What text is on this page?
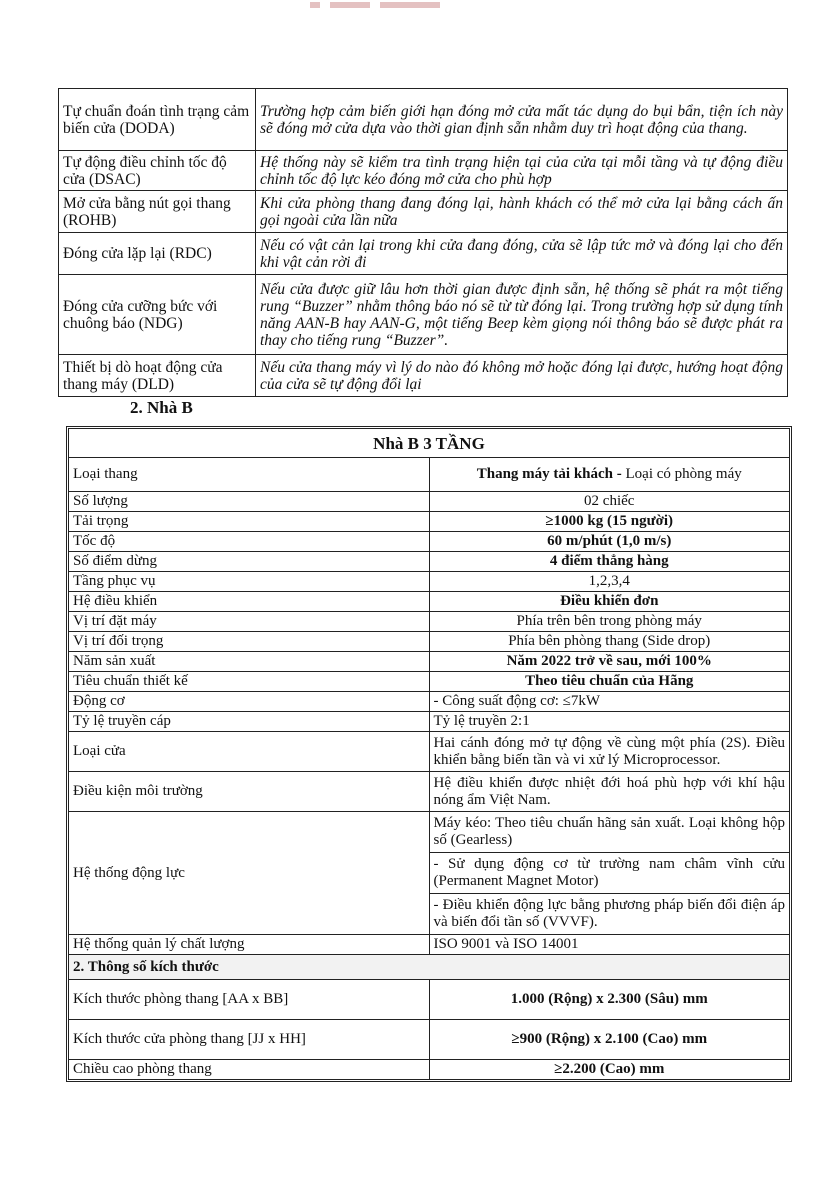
Tự chuẩn đoán tình trạng cảm biến cửa (DODA)	Trường hợp cảm biến giới hạn đóng mở cửa mất tác dụng do bụi bẩn, tiện ích này sẽ đóng mở cửa dựa vào thời gian định sẵn nhằm duy trì hoạt động của thang.
Tự động điều chỉnh tốc độ cửa (DSAC)	Hệ thống này sẽ kiểm tra tình trạng hiện tại của cửa tại mỗi tầng và tự động điều chỉnh tốc độ lực kéo đóng mở cửa cho phù hợp
Mở cửa bằng nút gọi thang (ROHB)	Khi cửa phòng thang đang đóng lại, hành khách có thể mở cửa lại bằng cách ấn gọi ngoài cửa lần nữa
Đóng cửa lặp lại (RDC)	Nếu có vật cản lại trong khi cửa đang đóng, cửa sẽ lập tức mở và đóng lại cho đến khi vật cản rời đi
Đóng cửa cưỡng bức với chuông báo (NDG)	Nếu cửa được giữ lâu hơn thời gian được định sẵn, hệ thống sẽ phát ra một tiếng rung “Buzzer” nhằm thông báo nó sẽ từ từ đóng lại. Trong trường hợp sử dụng tính năng AAN-B hay AAN-G, một tiếng Beep kèm giọng nói thông báo sẽ được phát ra thay cho tiếng rung “Buzzer”.
Thiết bị dò hoạt động cửa thang máy (DLD)	Nếu cửa thang máy vì lý do nào đó không mở hoặc đóng lại được, hướng hoạt động của cửa sẽ tự động đổi lại
2. Nhà B
Nhà B 3 TẦNG	
Loại thang	Thang máy tải khách - Loại có phòng máy
Số lượng	02 chiếc
Tải trọng	≥1000 kg (15 người)
Tốc độ	60 m/phút (1,0 m/s)
Số điểm dừng	4 điểm thẳng hàng
Tầng phục vụ	1,2,3,4
Hệ điều khiển	Điều khiển đơn
Vị trí đặt máy	Phía trên bên trong phòng máy
Vị trí đối trọng	Phía bên phòng thang (Side drop)
Năm sản xuất	Năm 2022 trở về sau, mới 100%
Tiêu chuẩn thiết kế	Theo tiêu chuẩn của Hãng
Động cơ	- Công suất động cơ: ≤7kW
Tỷ lệ truyền cáp	Tỷ lệ truyền 2:1
Loại cửa	Hai cánh đóng mở tự động về cùng một phía (2S). Điều khiển bằng biến tần và vi xử lý Microprocessor.
Điều kiện môi trường	Hệ điều khiển được nhiệt đới hoá phù hợp với khí hậu nóng ẩm Việt Nam.
Hệ thống động lực	Máy kéo: Theo tiêu chuẩn hãng sản xuất. Loại không hộp số (Gearless)
	- Sử dụng động cơ từ trường nam châm vĩnh cửu (Permanent Magnet Motor)
	- Điều khiển động lực bằng phương pháp biến đổi điện áp và biến đổi tần số (VVVF).
Hệ thống quản lý chất lượng	ISO 9001 và ISO 14001
2. Thông số kích thước	
Kích thước phòng thang [AA x BB]	1.000 (Rộng) x 2.300 (Sâu) mm
Kích thước cửa phòng thang [JJ x HH]	≥900 (Rộng) x 2.100 (Cao) mm
Chiều cao phòng thang	≥2.200 (Cao) mm
